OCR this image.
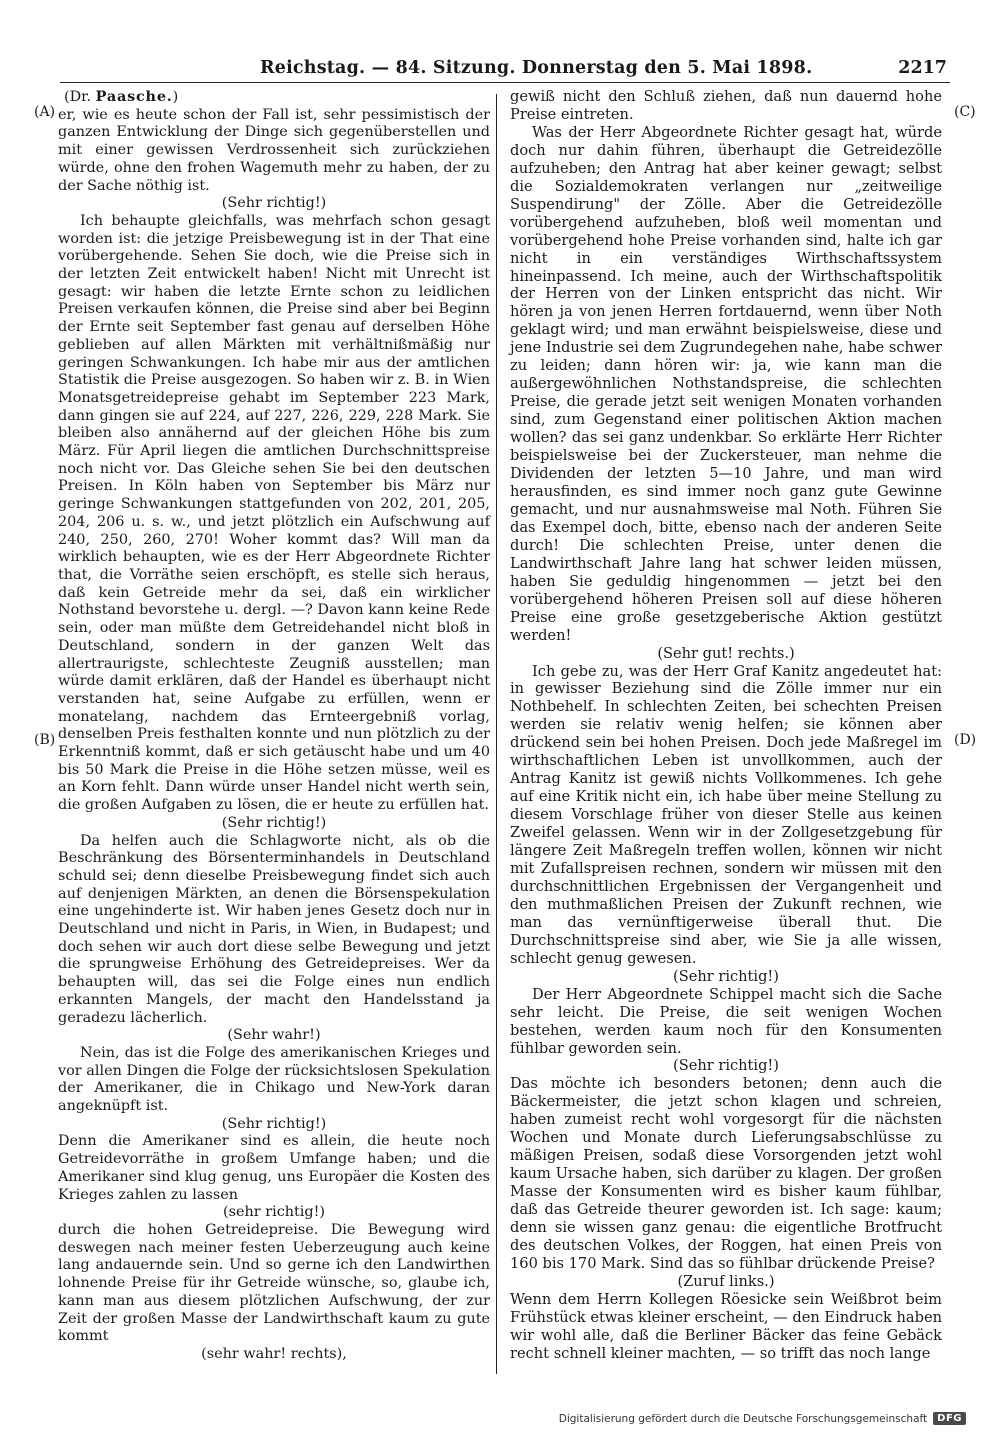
Reichstag. — 84. Sitzung. Donnerstag den 5. Mai 1898.	2217
(A)
(B)
(C)
(D)

(Dr. Paasche.)

er, wie es heute schon der Fall ist, sehr pessimistisch der ganzen Entwicklung der Dinge sich gegenüberstellen und mit einer gewissen Verdrossenheit sich zurückziehen würde, ohne den frohen Wagemuth mehr zu haben, der zu der Sache nöthig ist.

(Sehr richtig!)

Ich behaupte gleichfalls, was mehrfach schon gesagt worden ist: die jetzige Preisbewegung ist in der That eine vorübergehende. Sehen Sie doch, wie die Preise sich in der letzten Zeit entwickelt haben! Nicht mit Unrecht ist gesagt: wir haben die letzte Ernte schon zu leidlichen Preisen verkaufen können, die Preise sind aber bei Beginn der Ernte seit September fast genau auf derselben Höhe geblieben auf allen Märkten mit verhältnißmäßig nur geringen Schwankungen. Ich habe mir aus der amtlichen Statistik die Preise ausgezogen. So haben wir z. B. in Wien Monatsgetreidepreise gehabt im September 223 Mark, dann gingen sie auf 224, auf 227, 226, 229, 228 Mark. Sie bleiben also annähernd auf der gleichen Höhe bis zum März. Für April liegen die amtlichen Durchschnittspreise noch nicht vor. Das Gleiche sehen Sie bei den deutschen Preisen. In Köln haben von September bis März nur geringe Schwankungen stattgefunden von 202, 201, 205, 204, 206 u. s. w., und jetzt plötzlich ein Aufschwung auf 240, 250, 260, 270! Woher kommt das? Will man da wirklich behaupten, wie es der Herr Abgeordnete Richter that, die Vorräthe seien erschöpft, es stelle sich heraus, daß kein Getreide mehr da sei, daß ein wirklicher Nothstand bevorstehe u. dergl. —? Davon kann keine Rede sein, oder man müßte dem Getreidehandel nicht bloß in Deutschland, sondern in der ganzen Welt das allertraurigste, schlechteste Zeugniß ausstellen; man würde damit erklären, daß der Handel es überhaupt nicht verstanden hat, seine Aufgabe zu erfüllen, wenn er monatelang, nachdem das Ernteergebniß vorlag, denselben Preis festhalten konnte und nun plötzlich zu der Erkenntniß kommt, daß er sich getäuscht habe und um 40 bis 50 Mark die Preise in die Höhe setzen müsse, weil es an Korn fehlt. Dann würde unser Handel nicht werth sein, die großen Aufgaben zu lösen, die er heute zu erfüllen hat.

(Sehr richtig!)

Da helfen auch die Schlagworte nicht, als ob die Beschränkung des Börsenterminhandels in Deutschland schuld sei; denn dieselbe Preisbewegung findet sich auch auf denjenigen Märkten, an denen die Börsenspekulation eine ungehinderte ist. Wir haben jenes Gesetz doch nur in Deutschland und nicht in Paris, in Wien, in Budapest; und doch sehen wir auch dort diese selbe Bewegung und jetzt die sprungweise Erhöhung des Getreidepreises. Wer da behaupten will, das sei die Folge eines nun endlich erkannten Mangels, der macht den Handelsstand ja geradezu lächerlich.

(Sehr wahr!)

Nein, das ist die Folge des amerikanischen Krieges und vor allen Dingen die Folge der rücksichtslosen Spekulation der Amerikaner, die in Chikago und New-York daran angeknüpft ist.

(Sehr richtig!)

Denn die Amerikaner sind es allein, die heute noch Getreidevorräthe in großem Umfange haben; und die Amerikaner sind klug genug, uns Europäer die Kosten des Krieges zahlen zu lassen

(sehr richtig!)

durch die hohen Getreidepreise. Die Bewegung wird deswegen nach meiner festen Ueberzeugung auch keine lang andauernde sein. Und so gerne ich den Landwirthen lohnende Preise für ihr Getreide wünsche, so, glaube ich, kann man aus diesem plötzlichen Aufschwung, der zur Zeit der großen Masse der Landwirthschaft kaum zu gute kommt

(sehr wahr! rechts),

gewiß nicht den Schluß ziehen, daß nun dauernd hohe Preise eintreten.

Was der Herr Abgeordnete Richter gesagt hat, würde doch nur dahin führen, überhaupt die Getreidezölle aufzuheben; den Antrag hat aber keiner gewagt; selbst die Sozialdemokraten verlangen nur „zeitweilige Suspendirung" der Zölle. Aber die Getreidezölle vorübergehend aufzuheben, bloß weil momentan und vorübergehend hohe Preise vorhanden sind, halte ich gar nicht in ein verständiges Wirthschaftssystem hineinpassend. Ich meine, auch der Wirthschaftspolitik der Herren von der Linken entspricht das nicht. Wir hören ja von jenen Herren fortdauernd, wenn über Noth geklagt wird; und man erwähnt beispielsweise, diese und jene Industrie sei dem Zugrundegehen nahe, habe schwer zu leiden; dann hören wir: ja, wie kann man die außergewöhnlichen Nothstandspreise, die schlechten Preise, die gerade jetzt seit wenigen Monaten vorhanden sind, zum Gegenstand einer politischen Aktion machen wollen? das sei ganz undenkbar. So erklärte Herr Richter beispielsweise bei der Zuckersteuer, man nehme die Dividenden der letzten 5—10 Jahre, und man wird herausfinden, es sind immer noch ganz gute Gewinne gemacht, und nur ausnahmsweise mal Noth. Führen Sie das Exempel doch, bitte, ebenso nach der anderen Seite durch! Die schlechten Preise, unter denen die Landwirthschaft Jahre lang hat schwer leiden müssen, haben Sie geduldig hingenommen — jetzt bei den vorübergehend höheren Preisen soll auf diese höheren Preise eine große gesetzgeberische Aktion gestützt werden!

(Sehr gut! rechts.)

Ich gebe zu, was der Herr Graf Kanitz angedeutet hat: in gewisser Beziehung sind die Zölle immer nur ein Nothbehelf. In schlechten Zeiten, bei schechten Preisen werden sie relativ wenig helfen; sie können aber drückend sein bei hohen Preisen. Doch jede Maßregel im wirthschaftlichen Leben ist unvollkommen, auch der Antrag Kanitz ist gewiß nichts Vollkommenes. Ich gehe auf eine Kritik nicht ein, ich habe über meine Stellung zu diesem Vorschlage früher von dieser Stelle aus keinen Zweifel gelassen. Wenn wir in der Zollgesetzgebung für längere Zeit Maßregeln treffen wollen, können wir nicht mit Zufallspreisen rechnen, sondern wir müssen mit den durchschnittlichen Ergebnissen der Vergangenheit und den muthmaßlichen Preisen der Zukunft rechnen, wie man das vernünftigerweise überall thut. Die Durchschnittspreise sind aber, wie Sie ja alle wissen, schlecht genug gewesen.

(Sehr richtig!)

Der Herr Abgeordnete Schippel macht sich die Sache sehr leicht. Die Preise, die seit wenigen Wochen bestehen, werden kaum noch für den Konsumenten fühlbar geworden sein.

(Sehr richtig!)

Das möchte ich besonders betonen; denn auch die Bäckermeister, die jetzt schon klagen und schreien, haben zumeist recht wohl vorgesorgt für die nächsten Wochen und Monate durch Lieferungsabschlüsse zu mäßigen Preisen, sodaß diese Vorsorgenden jetzt wohl kaum Ursache haben, sich darüber zu klagen. Der großen Masse der Konsumenten wird es bisher kaum fühlbar, daß das Getreide theurer geworden ist. Ich sage: kaum; denn sie wissen ganz genau: die eigentliche Brotfrucht des deutschen Volkes, der Roggen, hat einen Preis von 160 bis 170 Mark. Sind das so fühlbar drückende Preise?

(Zuruf links.)

Wenn dem Herrn Kollegen Röesicke sein Weißbrot beim Frühstück etwas kleiner erscheint, — den Eindruck haben wir wohl alle, daß die Berliner Bäcker das feine Gebäck recht schnell kleiner machten, — so trifft das noch lange

Digitalisierung gefördert durch die Deutsche Forschungsgemeinschaft	DFG
